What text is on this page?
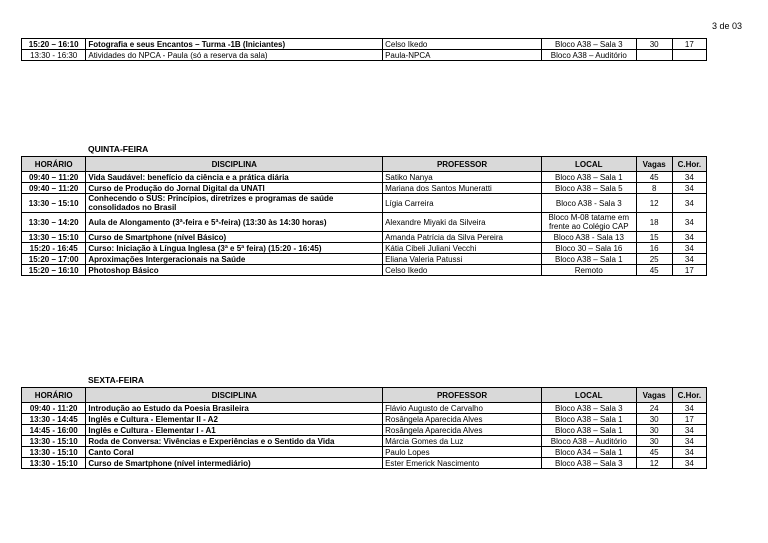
3 de 03
15:20 – 16:10	Fotografia e seus Encantos – Turma -1B (Iniciantes)	Celso Ikedo	Bloco A38 – Sala 3	30	17
13:30 - 16:30	Atividades do NPCA - Paula (só a reserva da sala)	Paula-NPCA	Bloco A38 – Auditório		
QUINTA-FEIRA
HORÁRIO	DISCIPLINA	PROFESSOR	LOCAL	Vagas	C.Hor.
09:40 – 11:20	Vida Saudável: benefício da ciência e a prática diária	Satiko Nanya	Bloco A38 – Sala 1	45	34
09:40 – 11:20	Curso de Produção do Jornal Digital da UNATI	Mariana dos Santos Muneratti	Bloco A38 – Sala 5	8	34
13:30 – 15:10	Conhecendo o SUS: Princípios, diretrizes e programas de saúde consolidados no Brasil	Lígia Carreira	Bloco A38 - Sala 3	12	34
13:30 – 14:20	Aula de Alongamento (3ª-feira e 5ª-feira) (13:30 às 14:30 horas)	Alexandre Miyaki da Silveira	Bloco M-08 tatame em frente ao Colégio CAP	18	34
13:30 – 15:10	Curso de Smartphone (nível Básico)	Amanda Patrícia da Silva Pereira	Bloco A38 - Sala 13	15	34
15:20 - 16:45	Curso: Iniciação à Língua Inglesa (3ª e 5ª feira) (15:20 - 16:45)	Kátia Cibeli Juliani Vecchi	Bloco 30 – Sala 16	16	34
15:20 – 17:00	Aproximações Intergeracionais na Saúde	Eliana Valeria Patussi	Bloco A38 – Sala 1	25	34
15:20 – 16:10	Photoshop Básico	Celso Ikedo	Remoto	45	17
SEXTA-FEIRA
HORÁRIO	DISCIPLINA	PROFESSOR	LOCAL	Vagas	C.Hor.
09:40 - 11:20	Introdução ao Estudo da Poesia Brasileira	Flávio Augusto de Carvalho	Bloco A38 – Sala 3	24	34
13:30 - 14:45	Inglês e Cultura - Elementar II - A2	Rosângela Aparecida Alves	Bloco A38 – Sala 1	30	17
14:45 - 16:00	Inglês e Cultura - Elementar I - A1	Rosângela Aparecida Alves	Bloco A38 – Sala 1	30	34
13:30 - 15:10	Roda de Conversa: Vivências e Experiências e o Sentido da Vida	Márcia Gomes da Luz	Bloco A38 – Auditório	30	34
13:30 - 15:10	Canto Coral	Paulo Lopes	Bloco A34 – Sala 1	45	34
13:30 - 15:10	Curso de Smartphone (nível intermediário)	Ester Emerick Nascimento	Bloco A38 – Sala 3	12	34
